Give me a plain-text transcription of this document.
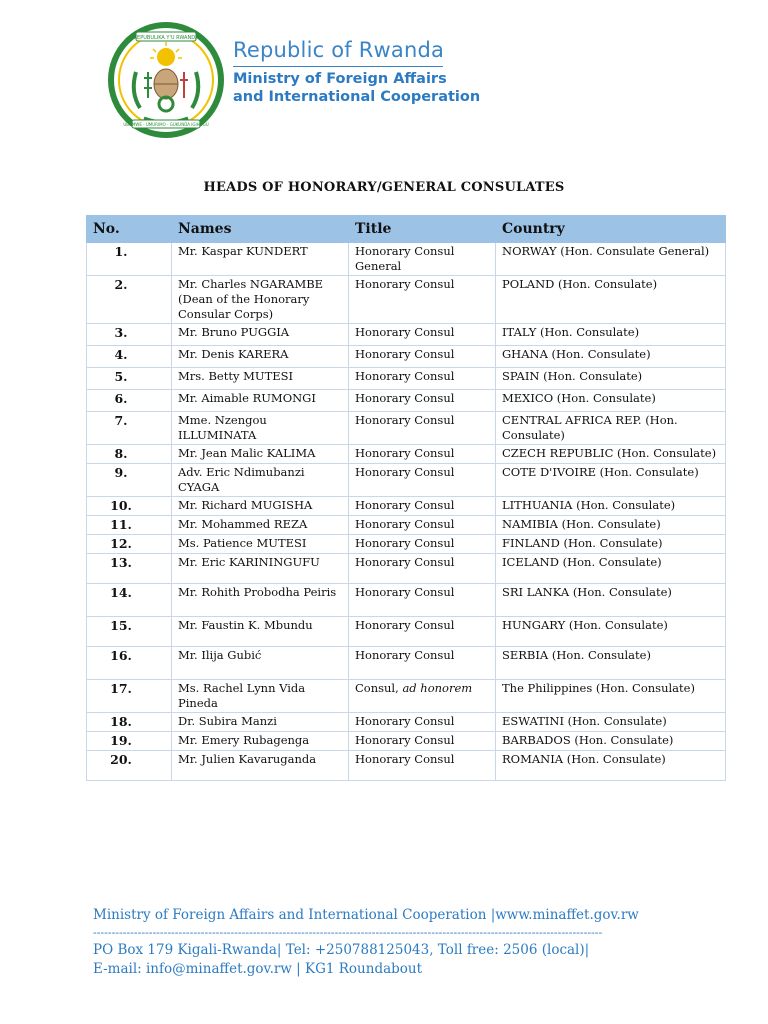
REPUBULIKA Y'U RWANDA
UBUMWE - UMURIMO - GUKUNDA IGIHUGU
Republic of Rwanda
Ministry of Foreign Affairs
and International Cooperation
HEADS OF HONORARY/GENERAL CONSULATES
No.	Names	Title	Country
1.	Mr. Kaspar KUNDERT	Honorary Consul General	NORWAY (Hon. Consulate General)
2.	Mr. Charles NGARAMBE (Dean of the Honorary Consular Corps)	Honorary Consul	POLAND (Hon. Consulate)
3.	Mr. Bruno PUGGIA	Honorary Consul	ITALY (Hon. Consulate)
4.	Mr. Denis KARERA	Honorary Consul	GHANA (Hon. Consulate)
5.	Mrs. Betty MUTESI	Honorary Consul	SPAIN (Hon. Consulate)
6.	Mr. Aimable RUMONGI	Honorary Consul	MEXICO (Hon. Consulate)
7.	Mme. Nzengou ILLUMINATA	Honorary Consul	CENTRAL AFRICA REP. (Hon. Consulate)
8.	Mr. Jean Malic KALIMA	Honorary Consul	CZECH REPUBLIC (Hon. Consulate)
9.	Adv. Eric Ndimubanzi CYAGA	Honorary Consul	COTE D'IVOIRE (Hon. Consulate)
10.	Mr. Richard MUGISHA	Honorary Consul	LITHUANIA (Hon. Consulate)
11.	Mr. Mohammed REZA	Honorary Consul	NAMIBIA (Hon. Consulate)
12.	Ms. Patience MUTESI	Honorary Consul	FINLAND (Hon. Consulate)
13.	Mr. Eric KARININGUFU	Honorary Consul	ICELAND (Hon. Consulate)
14.	Mr. Rohith Probodha Peiris	Honorary Consul	SRI LANKA (Hon. Consulate)
15.	Mr. Faustin K. Mbundu	Honorary Consul	HUNGARY (Hon. Consulate)
16.	Mr. Ilija Gubić	Honorary Consul	SERBIA (Hon. Consulate)
17.	Ms. Rachel Lynn Vida Pineda	Consul, ad honorem	The Philippines (Hon. Consulate)
18.	Dr. Subira Manzi	Honorary Consul	ESWATINI (Hon. Consulate)
19.	Mr. Emery Rubagenga	Honorary Consul	BARBADOS (Hon. Consulate)
20.	Mr. Julien Kavaruganda	Honorary Consul	ROMANIA (Hon. Consulate)
Ministry of Foreign Affairs and International Cooperation |www.minaffet.gov.rw
-----------------------------------------------------------------------------------------------------------------------------------------
PO Box 179 Kigali-Rwanda| Tel: +250788125043, Toll free: 2506 (local)|
E-mail: info@minaffet.gov.rw | KG1 Roundabout
